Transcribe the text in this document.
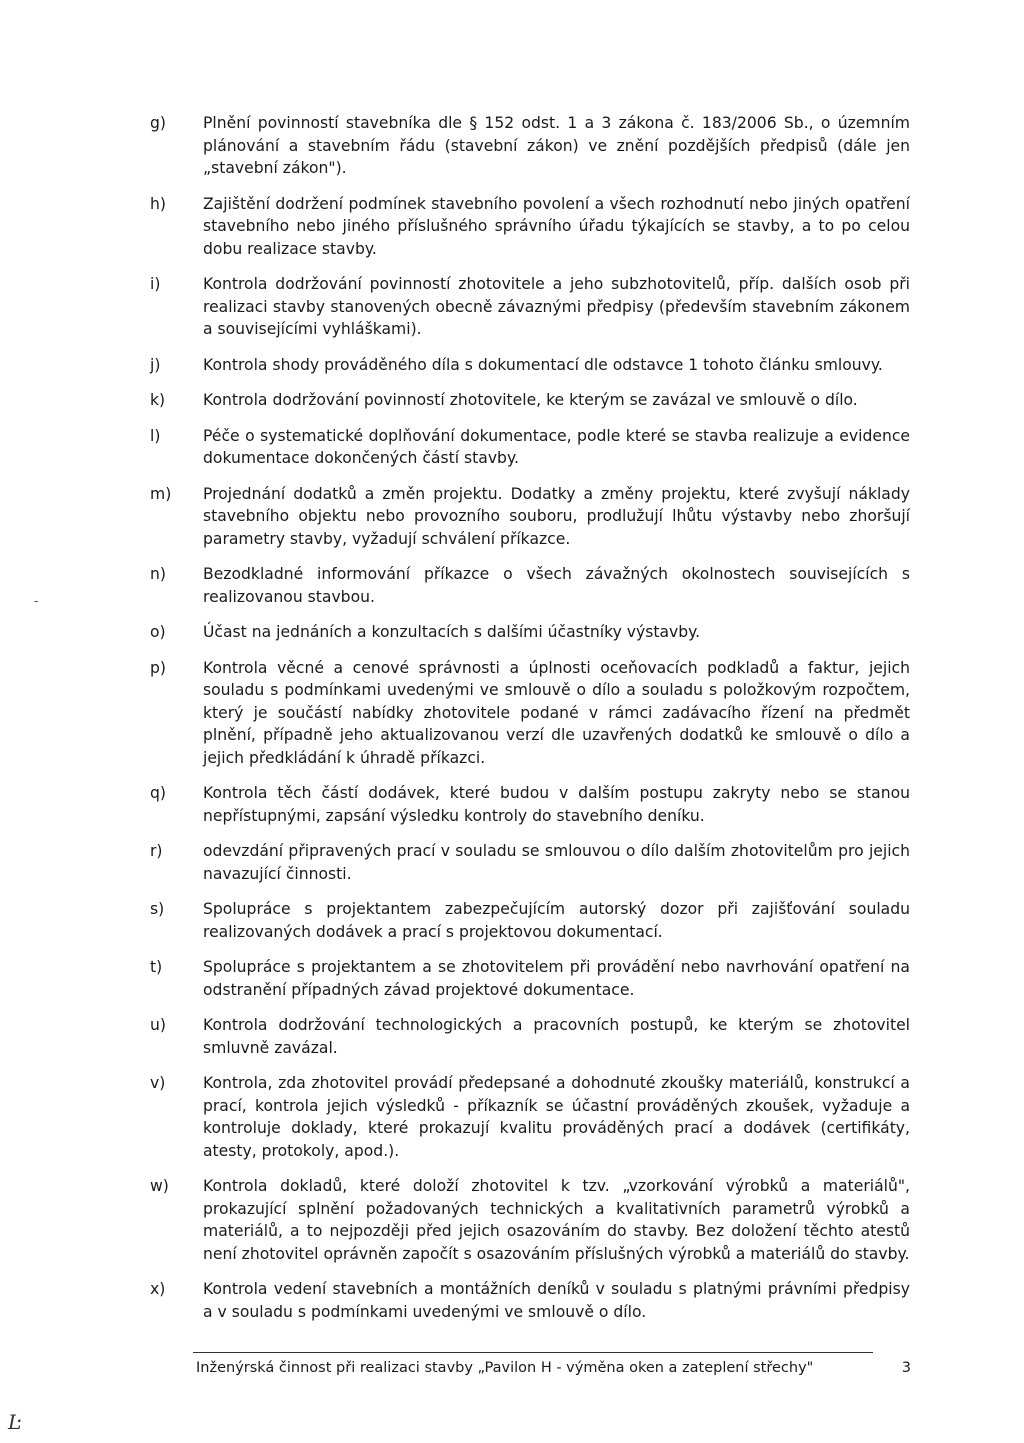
g)	Plnění povinností stavebníka dle § 152 odst. 1 a 3 zákona č. 183/2006 Sb., o územním plánování a stavebním řádu (stavební zákon) ve znění pozdějších předpisů (dále jen „stavební zákon").
h)	Zajištění dodržení podmínek stavebního povolení a všech rozhodnutí nebo jiných opatření stavebního nebo jiného příslušného správního úřadu týkajících se stavby, a to po celou dobu realizace stavby.
i)	Kontrola dodržování povinností zhotovitele a jeho subzhotovitelů, příp. dalších osob při realizaci stavby stanovených obecně závaznými předpisy (především stavebním zákonem a souvisejícími vyhláškami).
j)	Kontrola shody prováděného díla s dokumentací dle odstavce 1 tohoto článku smlouvy.
k)	Kontrola dodržování povinností zhotovitele, ke kterým se zavázal ve smlouvě o dílo.
l)	Péče o systematické doplňování dokumentace, podle které se stavba realizuje a evidence dokumentace dokončených částí stavby.
m)	Projednání dodatků a změn projektu. Dodatky a změny projektu, které zvyšují náklady stavebního objektu nebo provozního souboru, prodlužují lhůtu výstavby nebo zhoršují parametry stavby, vyžadují schválení příkazce.
n)	Bezodkladné informování příkazce o všech závažných okolnostech souvisejících s realizovanou stavbou.
o)	Účast na jednáních a konzultacích s dalšími účastníky výstavby.
p)	Kontrola věcné a cenové správnosti a úplnosti oceňovacích podkladů a faktur, jejich souladu s podmínkami uvedenými ve smlouvě o dílo a souladu s položkovým rozpočtem, který je součástí nabídky zhotovitele podané v rámci zadávacího řízení na předmět plnění, případně jeho aktualizovanou verzí dle uzavřených dodatků ke smlouvě o dílo a jejich předkládání k úhradě příkazci.
q)	Kontrola těch částí dodávek, které budou v dalším postupu zakryty nebo se stanou nepřístupnými, zapsání výsledku kontroly do stavebního deníku.
r)	odevzdání připravených prací v souladu se smlouvou o dílo dalším zhotovitelům pro jejich navazující činnosti.
s)	Spolupráce s projektantem zabezpečujícím autorský dozor při zajišťování souladu realizovaných dodávek a prací s projektovou dokumentací.
t)	Spolupráce s projektantem a se zhotovitelem při provádění nebo navrhování opatření na odstranění případných závad projektové dokumentace.
u)	Kontrola dodržování technologických a pracovních postupů, ke kterým se zhotovitel smluvně zavázal.
v)	Kontrola, zda zhotovitel provádí předepsané a dohodnuté zkoušky materiálů, konstrukcí a prací, kontrola jejich výsledků - příkazník se účastní prováděných zkoušek, vyžaduje a kontroluje doklady, které prokazují kvalitu prováděných prací a dodávek (certifikáty, atesty, protokoly, apod.).
w)	Kontrola dokladů, které doloží zhotovitel k tzv. „vzorkování výrobků a materiálů", prokazující splnění požadovaných technických a kvalitativních parametrů výrobků a materiálů, a to nejpozději před jejich osazováním do stavby. Bez doložení těchto atestů není zhotovitel oprávněn započít s osazováním příslušných výrobků a materiálů do stavby.
x)	Kontrola vedení stavebních a montážních deníků v souladu s platnými právními předpisy a v souladu s podmínkami uvedenými ve smlouvě o dílo.
-
Inženýrská činnost při realizaci stavby „Pavilon H - výměna oken a zateplení střechy"	3
Ŀ
